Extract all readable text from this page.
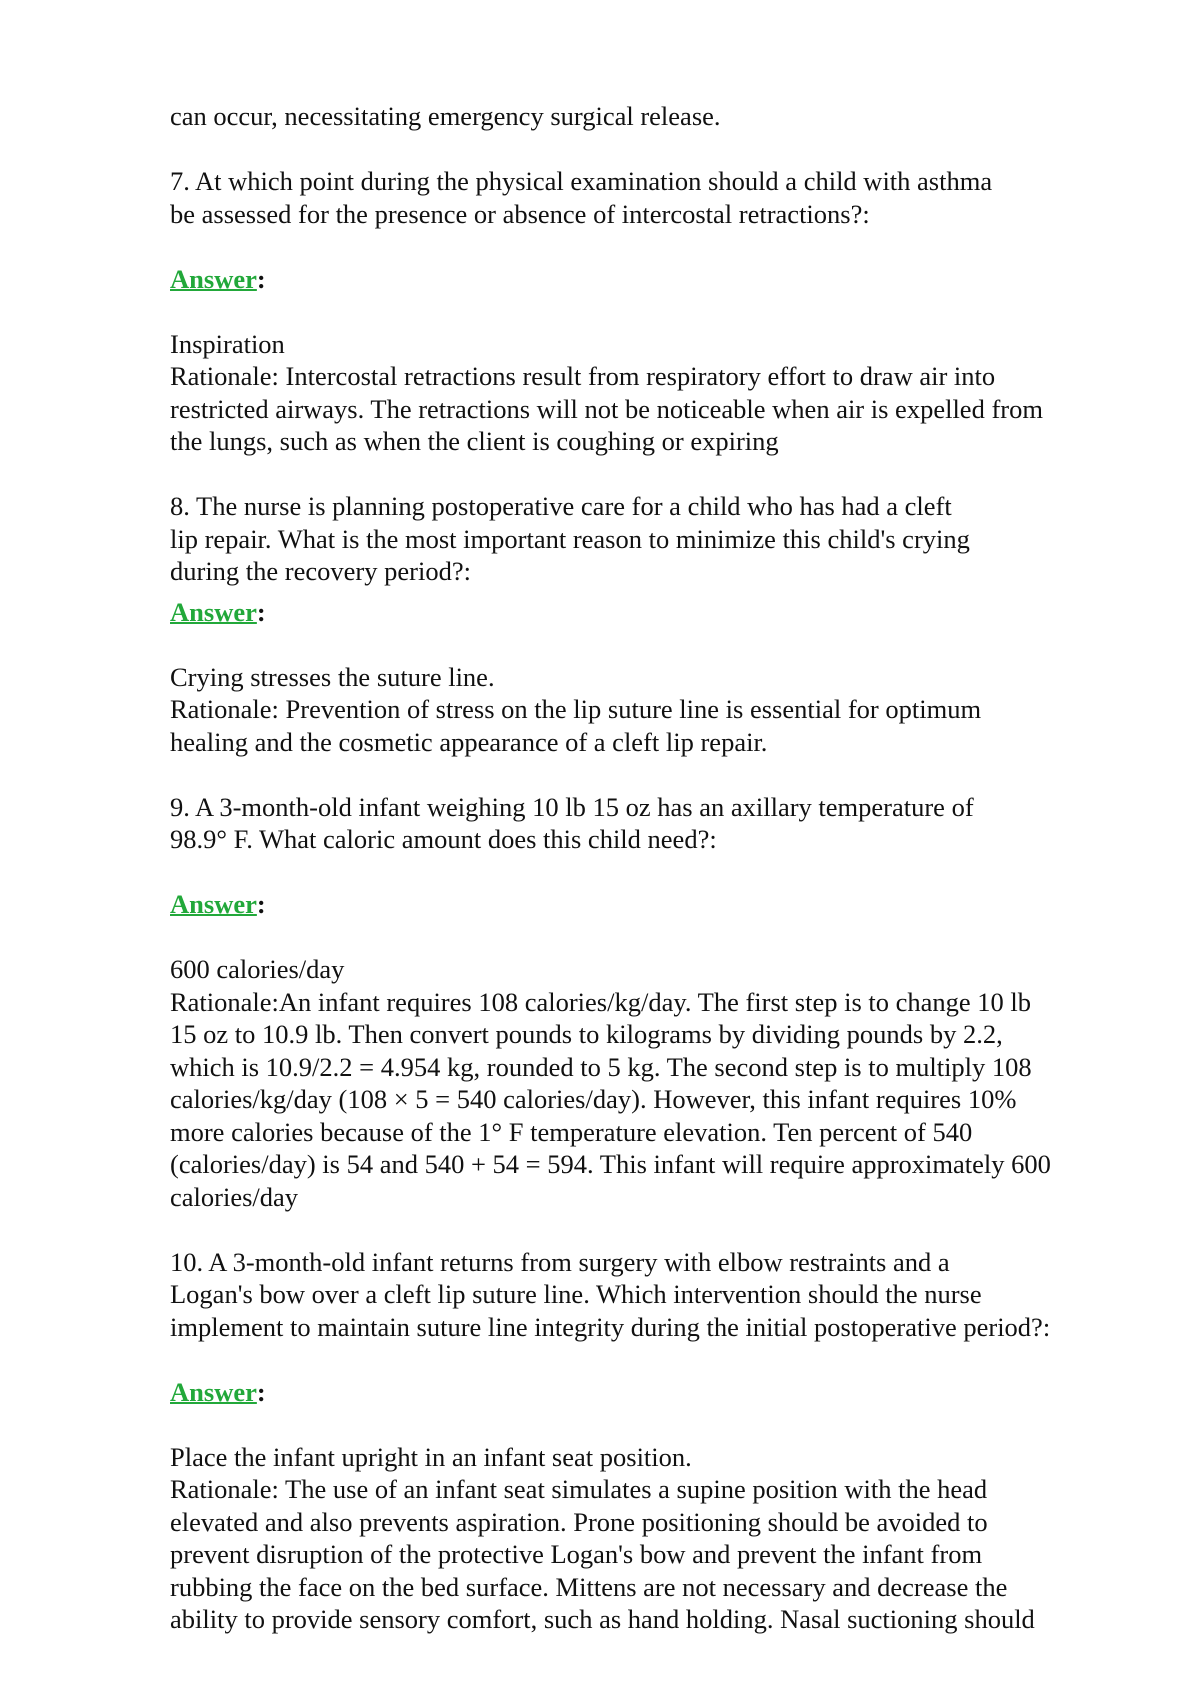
can occur, necessitating emergency surgical release.
7. At which point during the physical examination should a child with asthma
be assessed for the presence or absence of intercostal retractions?:
Answer:
Inspiration
Rationale: Intercostal retractions result from respiratory effort to draw air into
restricted airways. The retractions will not be noticeable when air is expelled from
the lungs, such as when the client is coughing or expiring
8. The nurse is planning postoperative care for a child who has had a cleft
lip repair. What is the most important reason to minimize this child's crying
during the recovery period?:
Answer:
Crying stresses the suture line.
Rationale: Prevention of stress on the lip suture line is essential for optimum
healing and the cosmetic appearance of a cleft lip repair.
9. A 3-month-old infant weighing 10 lb 15 oz has an axillary temperature of
98.9° F. What caloric amount does this child need?:
Answer:
600 calories/day
Rationale:An infant requires 108 calories/kg/day. The first step is to change 10 lb
15 oz to 10.9 lb. Then convert pounds to kilograms by dividing pounds by 2.2,
which is 10.9/2.2 = 4.954 kg, rounded to 5 kg. The second step is to multiply 108
calories/kg/day (108 × 5 = 540 calories/day). However, this infant requires 10%
more calories because of the 1° F temperature elevation. Ten percent of 540
(calories/day) is 54 and 540 + 54 = 594. This infant will require approximately 600
calories/day
10. A 3-month-old infant returns from surgery with elbow restraints and a
Logan's bow over a cleft lip suture line. Which intervention should the nurse
implement to maintain suture line integrity during the initial postoperative period?:
Answer:
Place the infant upright in an infant seat position.
Rationale: The use of an infant seat simulates a supine position with the head
elevated and also prevents aspiration. Prone positioning should be avoided to
prevent disruption of the protective Logan's bow and prevent the infant from
rubbing the face on the bed surface. Mittens are not necessary and decrease the
ability to provide sensory comfort, such as hand holding. Nasal suctioning should
